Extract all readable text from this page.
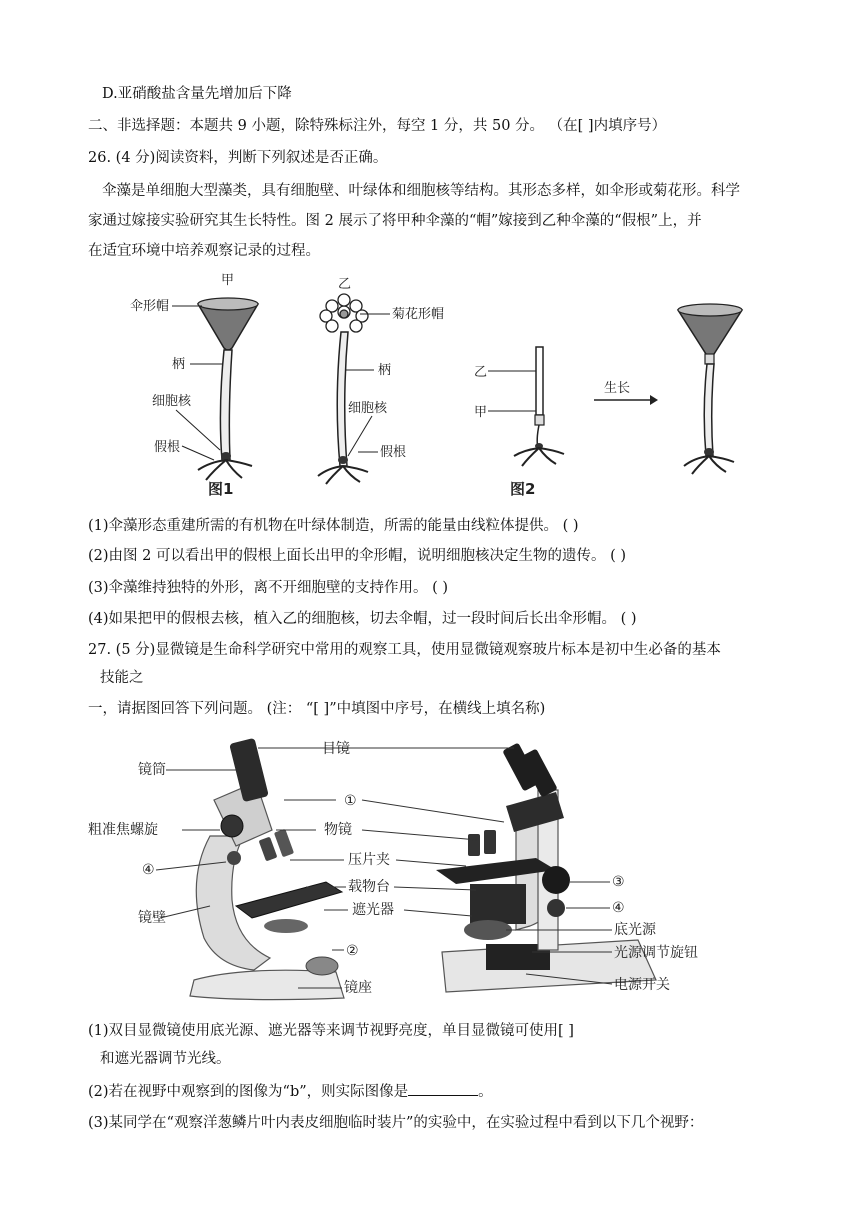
D.亚硝酸盐含量先增加后下降
二、非选择题：本题共 9 小题，除特殊标注外，每空 1 分，共 50 分。 （在[ ]内填序号）
26. (4 分)阅读资料，判断下列叙述是否正确。
伞藻是单细胞大型藻类，具有细胞壁、叶绿体和细胞核等结构。其形态多样，如伞形或菊花形。科学
家通过嫁接实验研究其生长特性。图 2 展示了将甲种伞藻的“帽”嫁接到乙种伞藻的“假根”上，并
在适宜环境中培养观察记录的过程。
甲
伞形帽
柄
细胞核
假根
乙
菊花形帽
柄
细胞核
假根
乙
甲
生长
图1	图2
(1)伞藻形态重建所需的有机物在叶绿体制造，所需的能量由线粒体提供。 ( )
(2)由图 2 可以看出甲的假根上面长出甲的伞形帽，说明细胞核决定生物的遗传。 ( )
(3)伞藻维持独特的外形，离不开细胞壁的支持作用。 ( )
(4)如果把甲的假根去核，植入乙的细胞核，切去伞帽，过一段时间后长出伞形帽。 ( )
27. (5 分)显微镜是生命科学研究中常用的观察工具，使用显微镜观察玻片标本是初中生必备的基本
技能之
一，请据图回答下列问题。 (注： “[ ]”中填图中序号，在横线上填名称)
目镜
镜筒
粗准焦螺旋
④
镜壁
①
物镜
压片夹
载物台
遮光器
②
镜座
③
④
底光源
光源调节旋钮
电源开关
(1)双目显微镜使用底光源、遮光器等来调节视野亮度，单目显微镜可使用[ ]
和遮光器调节光线。
(2)若在视野中观察到的图像为“b”，则实际图像是	。
(3)某同学在“观察洋葱鳞片叶内表皮细胞临时装片”的实验中，在实验过程中看到以下几个视野：
